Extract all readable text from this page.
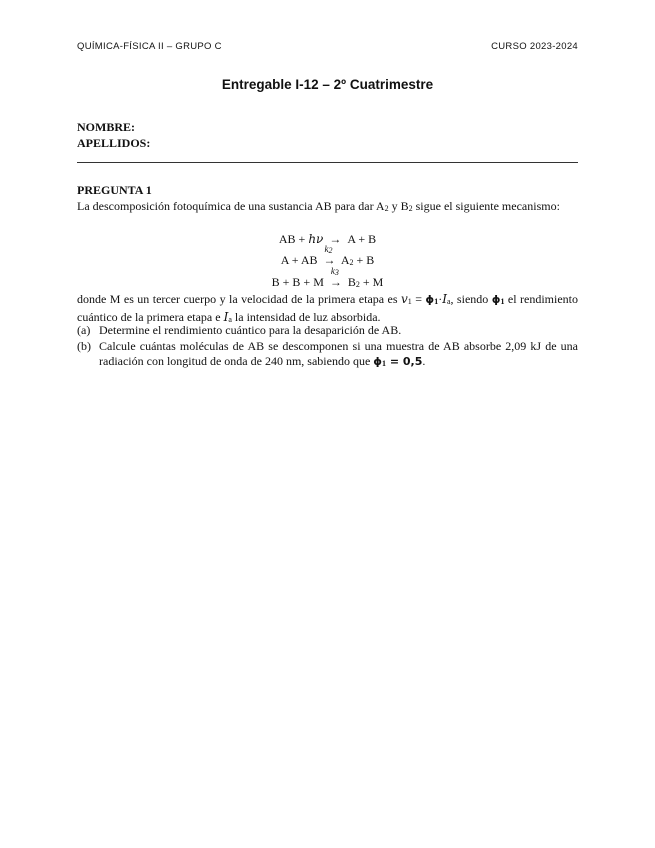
QUÍMICA-FÍSICA II – GRUPO C	CURSO 2023-2024
Entregable I-12 – 2º Cuatrimestre
NOMBRE:
APELLIDOS:
PREGUNTA 1
La descomposición fotoquímica de una sustancia AB para dar A2 y B2 sigue el siguiente mecanismo:
AB + hν → A + B
A + AB →
k2
A2 + B
B + B + M →
k3
B2 + M
donde M es un tercer cuerpo y la velocidad de la primera etapa es v1 = ϕ1·Ia, siendo ϕ1 el rendimiento cuántico de la primera etapa e Ia la intensidad de luz absorbida.
(a) Determine el rendimiento cuántico para la desaparición de AB.
(b) Calcule cuántas moléculas de AB se descomponen si una muestra de AB absorbe 2,09 kJ de una radiación con longitud de onda de 240 nm, sabiendo que ϕ1 = 0,5.
